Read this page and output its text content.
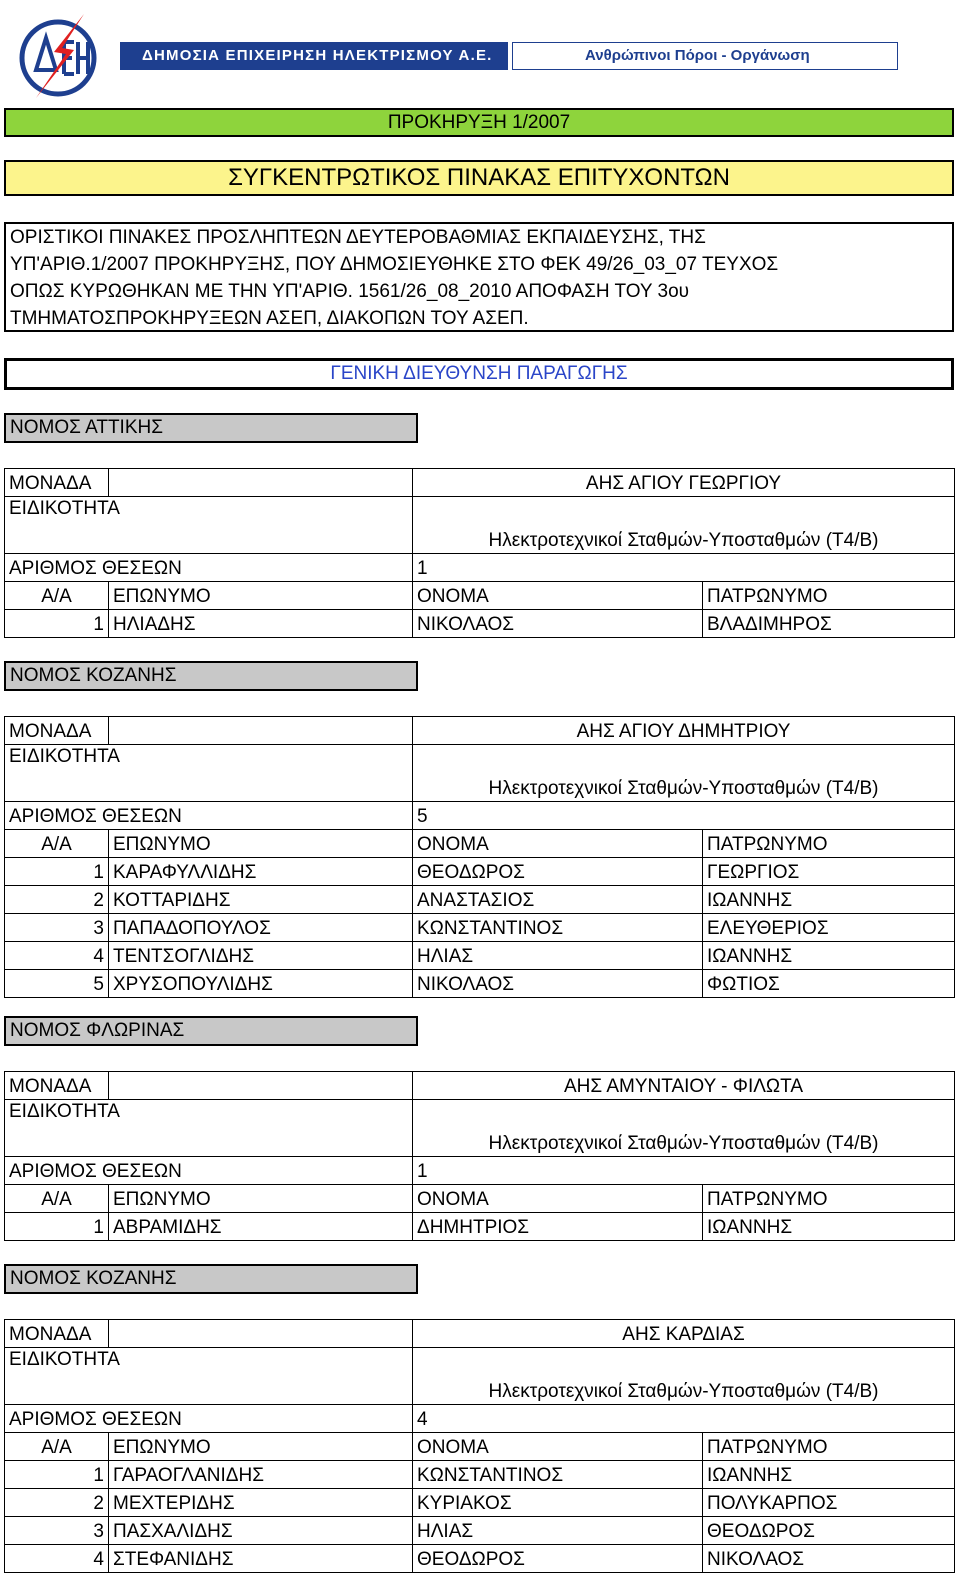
ΔΗΜΟΣΙΑ ΕΠΙΧΕΙΡΗΣΗ ΗΛΕΚΤΡΙΣΜΟΥ Α.Ε.	Ανθρώπινοι Πόροι - Οργάνωση
ΠΡΟΚΗΡΥΞΗ 1/2007
ΣΥΓΚΕΝΤΡΩΤΙΚΟΣ ΠΙΝΑΚΑΣ ΕΠΙΤΥΧΟΝΤΩΝ
ΟΡΙΣΤΙΚΟΙ ΠΙΝΑΚΕΣ ΠΡΟΣΛΗΠΤΕΩΝ ΔΕΥΤΕΡΟΒΑΘΜΙΑΣ ΕΚΠΑΙΔΕΥΣΗΣ, ΤΗΣ
ΥΠ'ΑΡΙΘ.1/2007 ΠΡΟΚΗΡΥΞΗΣ, ΠΟΥ ΔΗΜΟΣΙΕΥΘΗΚΕ ΣΤΟ ΦΕΚ 49/26_03_07 ΤΕΥΧΟΣ
ΟΠΩΣ ΚΥΡΩΘΗΚΑΝ ΜΕ ΤΗΝ ΥΠ'ΑΡΙΘ. 1561/26_08_2010 ΑΠΟΦΑΣΗ ΤΟΥ 3ου
ΤΜΗΜΑΤΟΣΠΡΟΚΗΡΥΞΕΩΝ ΑΣΕΠ, ΔΙΑΚΟΠΩΝ ΤΟΥ ΑΣΕΠ.
ΓΕΝΙΚΗ ΔΙΕΥΘΥΝΣΗ ΠΑΡΑΓΩΓΗΣ
ΝΟΜΟΣ ΑΤΤΙΚΗΣ
ΜΟΝΑΔΑ		ΑΗΣ ΑΓΙΟΥ ΓΕΩΡΓΙΟΥ	
ΕΙΔΙΚΟΤΗΤΑ		Ηλεκτροτεχνικοί Σταθμών-Υποσταθμών (Τ4/Β)	
ΑΡΙΘΜΟΣ ΘΕΣΕΩΝ		1	
Α/Α	ΕΠΩΝΥΜΟ	ΟΝΟΜΑ	ΠΑΤΡΩΝΥΜΟ
1	ΗΛΙΑΔΗΣ	ΝΙΚΟΛΑΟΣ	ΒΛΑΔΙΜΗΡΟΣ
ΝΟΜΟΣ ΚΟΖΑΝΗΣ
ΜΟΝΑΔΑ		ΑΗΣ ΑΓΙΟΥ ΔΗΜΗΤΡΙΟΥ	
ΕΙΔΙΚΟΤΗΤΑ		Ηλεκτροτεχνικοί Σταθμών-Υποσταθμών (Τ4/Β)	
ΑΡΙΘΜΟΣ ΘΕΣΕΩΝ		5	
Α/Α	ΕΠΩΝΥΜΟ	ΟΝΟΜΑ	ΠΑΤΡΩΝΥΜΟ
1	ΚΑΡΑΦΥΛΛΙΔΗΣ	ΘΕΟΔΩΡΟΣ	ΓΕΩΡΓΙΟΣ
2	ΚΟΤΤΑΡΙΔΗΣ	ΑΝΑΣΤΑΣΙΟΣ	ΙΩΑΝΝΗΣ
3	ΠΑΠΑΔΟΠΟΥΛΟΣ	ΚΩΝΣΤΑΝΤΙΝΟΣ	ΕΛΕΥΘΕΡΙΟΣ
4	ΤΕΝΤΣΟΓΛΙΔΗΣ	ΗΛΙΑΣ	ΙΩΑΝΝΗΣ
5	ΧΡΥΣΟΠΟΥΛΙΔΗΣ	ΝΙΚΟΛΑΟΣ	ΦΩΤΙΟΣ
ΝΟΜΟΣ ΦΛΩΡΙΝΑΣ
ΜΟΝΑΔΑ		ΑΗΣ ΑΜΥΝΤΑΙΟΥ - ΦΙΛΩΤΑ	
ΕΙΔΙΚΟΤΗΤΑ		Ηλεκτροτεχνικοί Σταθμών-Υποσταθμών (Τ4/Β)	
ΑΡΙΘΜΟΣ ΘΕΣΕΩΝ		1	
Α/Α	ΕΠΩΝΥΜΟ	ΟΝΟΜΑ	ΠΑΤΡΩΝΥΜΟ
1	ΑΒΡΑΜΙΔΗΣ	ΔΗΜΗΤΡΙΟΣ	ΙΩΑΝΝΗΣ
ΝΟΜΟΣ ΚΟΖΑΝΗΣ
ΜΟΝΑΔΑ		ΑΗΣ ΚΑΡΔΙΑΣ	
ΕΙΔΙΚΟΤΗΤΑ		Ηλεκτροτεχνικοί Σταθμών-Υποσταθμών (Τ4/Β)	
ΑΡΙΘΜΟΣ ΘΕΣΕΩΝ		4	
Α/Α	ΕΠΩΝΥΜΟ	ΟΝΟΜΑ	ΠΑΤΡΩΝΥΜΟ
1	ΓΑΡΑΟΓΛΑΝΙΔΗΣ	ΚΩΝΣΤΑΝΤΙΝΟΣ	ΙΩΑΝΝΗΣ
2	ΜΕΧΤΕΡΙΔΗΣ	ΚΥΡΙΑΚΟΣ	ΠΟΛΥΚΑΡΠΟΣ
3	ΠΑΣΧΑΛΙΔΗΣ	ΗΛΙΑΣ	ΘΕΟΔΩΡΟΣ
4	ΣΤΕΦΑΝΙΔΗΣ	ΘΕΟΔΩΡΟΣ	ΝΙΚΟΛΑΟΣ
